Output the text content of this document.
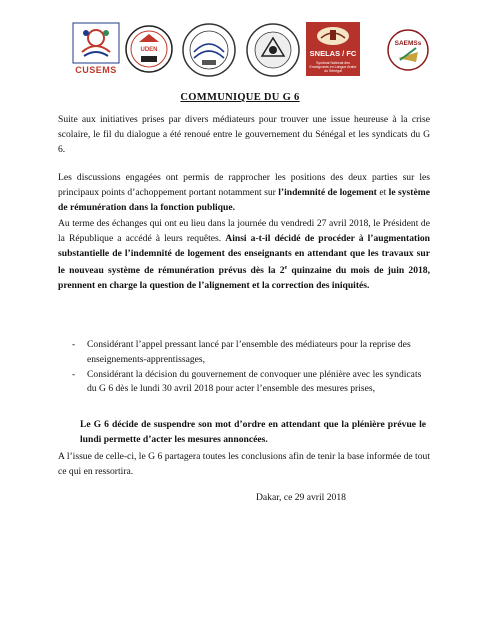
CUSEMS
UDEN	SNELAS / FC
Syndicat National des Enseignants en Langue Arabe du Sénégal
SAEMSs
COMMUNIQUE DU G 6

Suite aux initiatives prises par divers médiateurs pour trouver une issue heureuse à la crise scolaire, le fil du dialogue a été renoué entre le gouvernement du Sénégal et les syndicats du G 6.

Les discussions engagées ont permis de rapprocher les positions des deux parties sur les principaux points d’achoppement portant notamment sur l’indemnité de logement et le système de rémunération dans la fonction publique.

Au terme des échanges qui ont eu lieu dans la journée du vendredi 27 avril 2018, le Président de la République a accédé à leurs requêtes. Ainsi a-t-il décidé de procéder à l’augmentation substantielle de l’indemnité de logement des enseignants en attendant que les travaux sur le nouveau système de rémunération prévus dès la 2e quinzaine du mois de juin 2018, prennent en charge la question de l’alignement et la correction des iniquités.

- Considérant l’appel pressant lancé par l’ensemble des médiateurs pour la reprise des enseignements-apprentissages,
- Considérant la décision du gouvernement de convoquer une plénière avec les syndicats du G 6 dès le lundi 30 avril 2018 pour acter l’ensemble des mesures prises,

Le G 6 décide de suspendre son mot d’ordre en attendant que la plénière prévue le lundi permette d’acter les mesures annoncées.

A l’issue de celle-ci, le G 6 partagera toutes les conclusions afin de tenir la base informée de tout ce qui en ressortira.

Dakar, ce 29 avril 2018
